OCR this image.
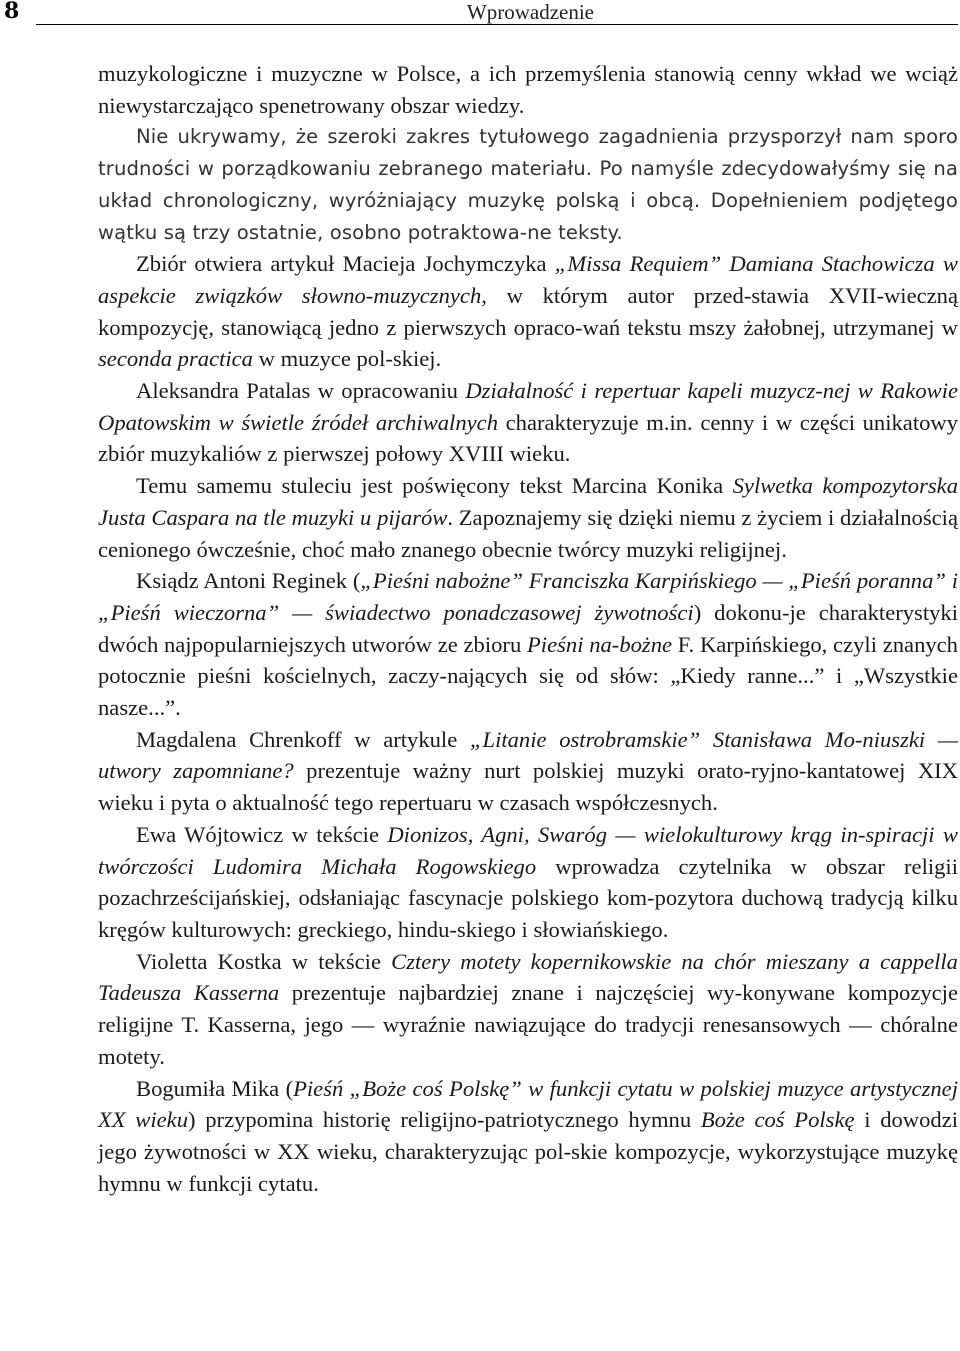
8	Wprowadzenie

muzykologiczne i muzyczne w Polsce, a ich przemyślenia stanowią cenny wkład we wciąż niewystarczająco spenetrowany obszar wiedzy.

Nie ukrywamy, że szeroki zakres tytułowego zagadnienia przysporzył nam sporo trudności w porządkowaniu zebranego materiału. Po namyśle zdecydowałyśmy się na układ chronologiczny, wyróżniający muzykę polską i obcą. Dopełnieniem podjętego wątku są trzy ostatnie, osobno potraktowa-ne teksty.

Zbiór otwiera artykuł Macieja Jochymczyka „Missa Requiem” Damiana Stachowicza w aspekcie związków słowno-muzycznych, w którym autor przed-stawia XVII-wieczną kompozycję, stanowiącą jedno z pierwszych opraco-wań tekstu mszy żałobnej, utrzymanej w seconda practica w muzyce pol-skiej.

Aleksandra Patalas w opracowaniu Działalność i repertuar kapeli muzycz-nej w Rakowie Opatowskim w świetle źródeł archiwalnych charakteryzuje m.in. cenny i w części unikatowy zbiór muzykaliów z pierwszej połowy XVIII wieku.

Temu samemu stuleciu jest poświęcony tekst Marcina Konika Sylwetka kompozytorska Justa Caspara na tle muzyki u pijarów. Zapoznajemy się dzięki niemu z życiem i działalnością cenionego ówcześnie, choć mało znanego obecnie twórcy muzyki religijnej.

Ksiądz Antoni Reginek („Pieśni nabożne” Franciszka Karpińskiego — „Pieśń poranna” i „Pieśń wieczorna” — świadectwo ponadczasowej żywotności) dokonu-je charakterystyki dwóch najpopularniejszych utworów ze zbioru Pieśni na-bożne F. Karpińskiego, czyli znanych potocznie pieśni kościelnych, zaczy-nających się od słów: „Kiedy ranne...” i „Wszystkie nasze...”.

Magdalena Chrenkoff w artykule „Litanie ostrobramskie” Stanisława Mo-niuszki — utwory zapomniane? prezentuje ważny nurt polskiej muzyki orato-ryjno-kantatowej XIX wieku i pyta o aktualność tego repertuaru w czasach współczesnych.

Ewa Wójtowicz w tekście Dionizos, Agni, Swaróg — wielokulturowy krąg in-spiracji w twórczości Ludomira Michała Rogowskiego wprowadza czytelnika w obszar religii pozachrześcijańskiej, odsłaniając fascynacje polskiego kom-pozytora duchową tradycją kilku kręgów kulturowych: greckiego, hindu-skiego i słowiańskiego.

Violetta Kostka w tekście Cztery motety kopernikowskie na chór mieszany a cappella Tadeusza Kasserna prezentuje najbardziej znane i najczęściej wy-konywane kompozycje religijne T. Kasserna, jego — wyraźnie nawiązujące do tradycji renesansowych — chóralne motety.

Bogumiła Mika (Pieśń „Boże coś Polskę” w funkcji cytatu w polskiej muzyce artystycznej XX wieku) przypomina historię religijno-patriotycznego hymnu Boże coś Polskę i dowodzi jego żywotności w XX wieku, charakteryzując pol-skie kompozycje, wykorzystujące muzykę hymnu w funkcji cytatu.
